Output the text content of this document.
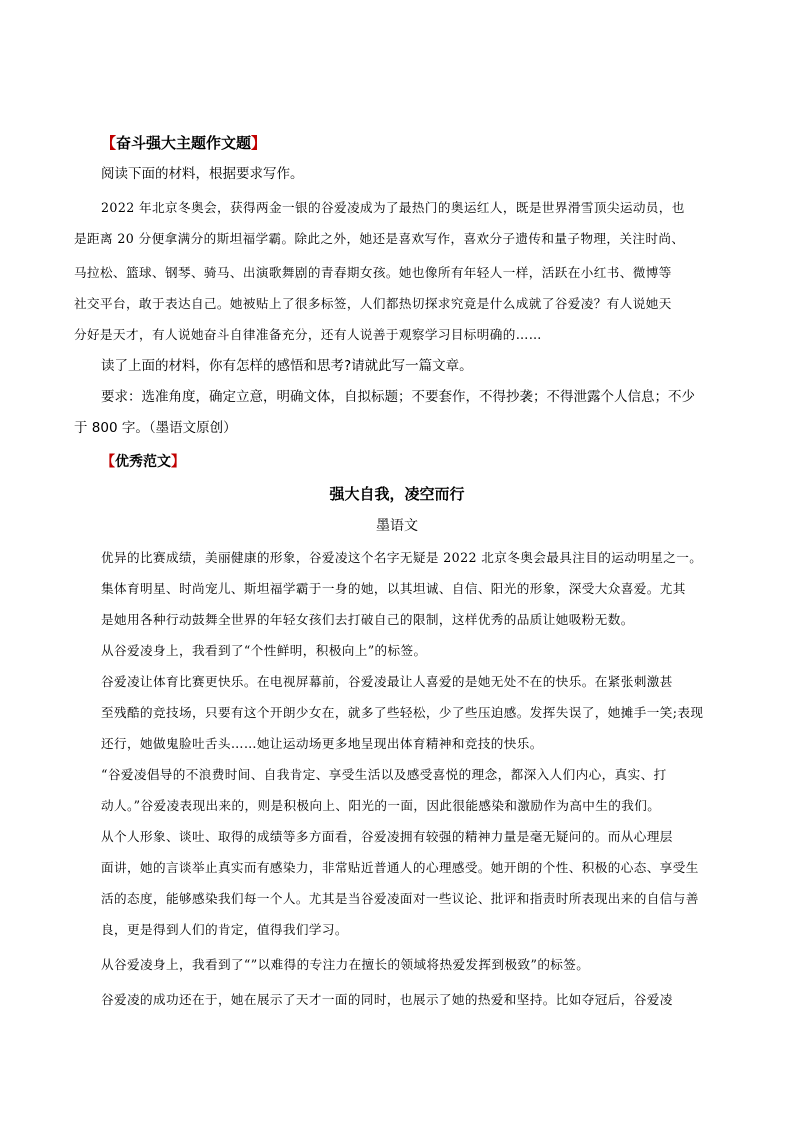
【奋斗强大主题作文题】
阅读下面的材料，根据要求写作。
2022 年北京冬奥会，获得两金一银的谷爱凌成为了最热门的奥运红人，既是世界滑雪顶尖运动员，也
是距离 20 分便拿满分的斯坦福学霸。除此之外，她还是喜欢写作，喜欢分子遗传和量子物理，关注时尚、
马拉松、篮球、钢琴、骑马、出演歌舞剧的青春期女孩。她也像所有年轻人一样，活跃在小红书、微博等
社交平台，敢于表达自己。她被贴上了很多标签，人们都热切探求究竟是什么成就了谷爱凌？有人说她天
分好是天才，有人说她奋斗自律准备充分，还有人说善于观察学习目标明确的……
读了上面的材料，你有怎样的感悟和思考?请就此写一篇文章。
要求：选准角度，确定立意，明确文体，自拟标题；不要套作，不得抄袭；不得泄露个人信息；不少
于 800 字。（墨语文原创）
【优秀范文】
强大自我，凌空而行
墨语文
优异的比赛成绩，美丽健康的形象，谷爱凌这个名字无疑是 2022 北京冬奥会最具注目的运动明星之一。
集体育明星、时尚宠儿、斯坦福学霸于一身的她，以其坦诚、自信、阳光的形象，深受大众喜爱。尤其
是她用各种行动鼓舞全世界的年轻女孩们去打破自己的限制，这样优秀的品质让她吸粉无数。
从谷爱凌身上，我看到了“个性鲜明，积极向上”的标签。
谷爱凌让体育比赛更快乐。在电视屏幕前，谷爱凌最让人喜爱的是她无处不在的快乐。在紧张刺激甚
至残酷的竞技场，只要有这个开朗少女在，就多了些轻松，少了些压迫感。发挥失误了，她摊手一笑;表现
还行，她做鬼脸吐舌头……她让运动场更多地呈现出体育精神和竞技的快乐。
“谷爱凌倡导的不浪费时间、自我肯定、享受生活以及感受喜悦的理念，都深入人们内心，真实、打
动人。”谷爱凌表现出来的，则是积极向上、阳光的一面，因此很能感染和激励作为高中生的我们。
从个人形象、谈吐、取得的成绩等多方面看，谷爱凌拥有较强的精神力量是毫无疑问的。而从心理层
面讲，她的言谈举止真实而有感染力，非常贴近普通人的心理感受。她开朗的个性、积极的心态、享受生
活的态度，能够感染我们每一个人。尤其是当谷爱凌面对一些议论、批评和指责时所表现出来的自信与善
良，更是得到人们的肯定，值得我们学习。
从谷爱凌身上，我看到了“”以难得的专注力在擅长的领域将热爱发挥到极致”的标签。
谷爱凌的成功还在于，她在展示了天才一面的同时，也展示了她的热爱和坚持。比如夺冠后，谷爱凌
